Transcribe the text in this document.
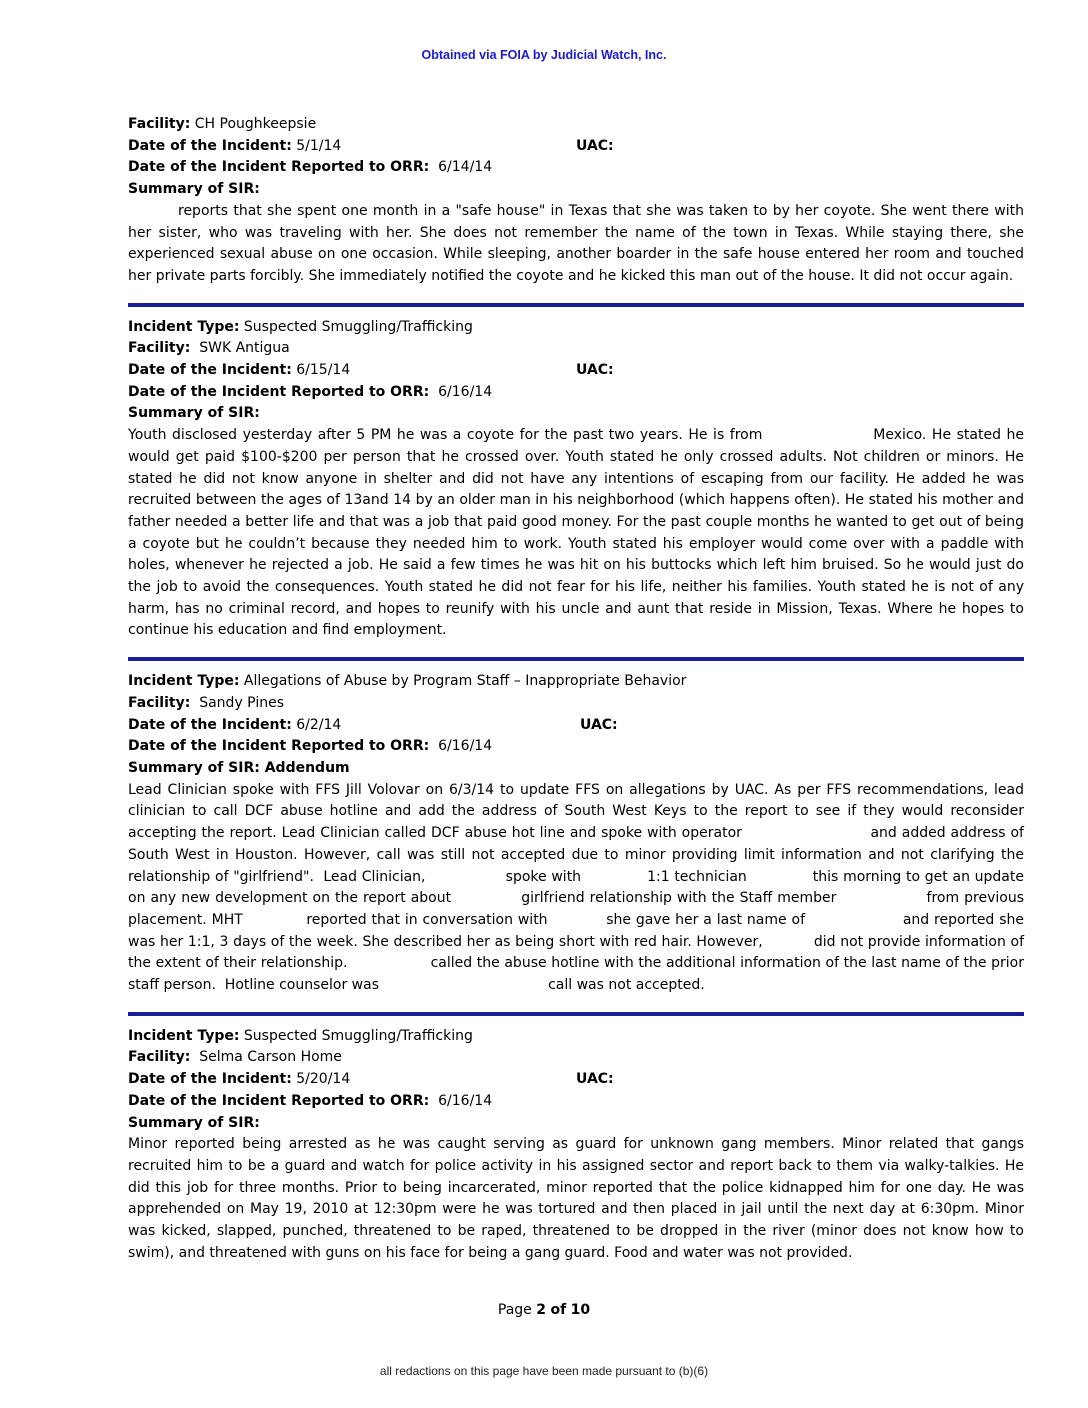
Obtained via FOIA by Judicial Watch, Inc.
Facility: CH Poughkeepsie
Date of the Incident: 5/1/14	UAC:
Date of the Incident Reported to ORR: 6/14/14
Summary of SIR:
reports that she spent one month in a "safe house" in Texas that she was taken to by her coyote. She went there with her sister, who was traveling with her. She does not remember the name of the town in Texas. While staying there, she experienced sexual abuse on one occasion. While sleeping, another boarder in the safe house entered her room and touched her private parts forcibly. She immediately notified the coyote and he kicked this man out of the house. It did not occur again.
Incident Type: Suspected Smuggling/Trafficking
Facility: SWK Antigua
Date of the Incident: 6/15/14	UAC:
Date of the Incident Reported to ORR: 6/16/14
Summary of SIR:
Youth disclosed yesterday after 5 PM he was a coyote for the past two years. He is from                    Mexico. He stated he would get paid $100-$200 per person that he crossed over. Youth stated he only crossed adults. Not children or minors. He stated he did not know anyone in shelter and did not have any intentions of escaping from our facility. He added he was recruited between the ages of 13and 14 by an older man in his neighborhood (which happens often). He stated his mother and father needed a better life and that was a job that paid good money. For the past couple months he wanted to get out of being a coyote but he couldn’t because they needed him to work. Youth stated his employer would come over with a paddle with holes, whenever he rejected a job. He said a few times he was hit on his buttocks which left him bruised. So he would just do the job to avoid the consequences. Youth stated he did not fear for his life, neither his families. Youth stated he is not of any harm, has no criminal record, and hopes to reunify with his uncle and aunt that reside in Mission, Texas. Where he hopes to continue his education and find employment.
Incident Type: Allegations of Abuse by Program Staff – Inappropriate Behavior
Facility: Sandy Pines
Date of the Incident: 6/2/14	UAC:
Date of the Incident Reported to ORR: 6/16/14
Summary of SIR: Addendum
Lead Clinician spoke with FFS Jill Volovar on 6/3/14 to update FFS on allegations by UAC. As per FFS recommendations, lead clinician to call DCF abuse hotline and add the address of South West Keys to the report to see if they would reconsider accepting the report. Lead Clinician called DCF abuse hot line and spoke with operator                          and added address of South West in Houston. However, call was still not accepted due to minor providing limit information and not clarifying the relationship of "girlfriend".  Lead Clinician,                 spoke with              1:1 technician              this morning to get an update on any new development on the report about              girlfriend relationship with the Staff member                  from previous placement. MHT             reported that in conversation with            she gave her a last name of                    and reported she was her 1:1, 3 days of the week. She described her as being short with red hair. However,           did not provide information of the extent of their relationship.                  called the abuse hotline with the additional information of the last name of the prior staff person.  Hotline counselor was                                      call was not accepted.
Incident Type: Suspected Smuggling/Trafficking
Facility: Selma Carson Home
Date of the Incident: 5/20/14	UAC:
Date of the Incident Reported to ORR: 6/16/14
Summary of SIR:
Minor reported being arrested as he was caught serving as guard for unknown gang members. Minor related that gangs recruited him to be a guard and watch for police activity in his assigned sector and report back to them via walky-talkies. He did this job for three months. Prior to being incarcerated, minor reported that the police kidnapped him for one day. He was apprehended on May 19, 2010 at 12:30pm were he was tortured and then placed in jail until the next day at 6:30pm. Minor was kicked, slapped, punched, threatened to be raped, threatened to be dropped in the river (minor does not know how to swim), and threatened with guns on his face for being a gang guard. Food and water was not provided.
Page 2 of 10
all redactions on this page have been made pursuant to (b)(6)
